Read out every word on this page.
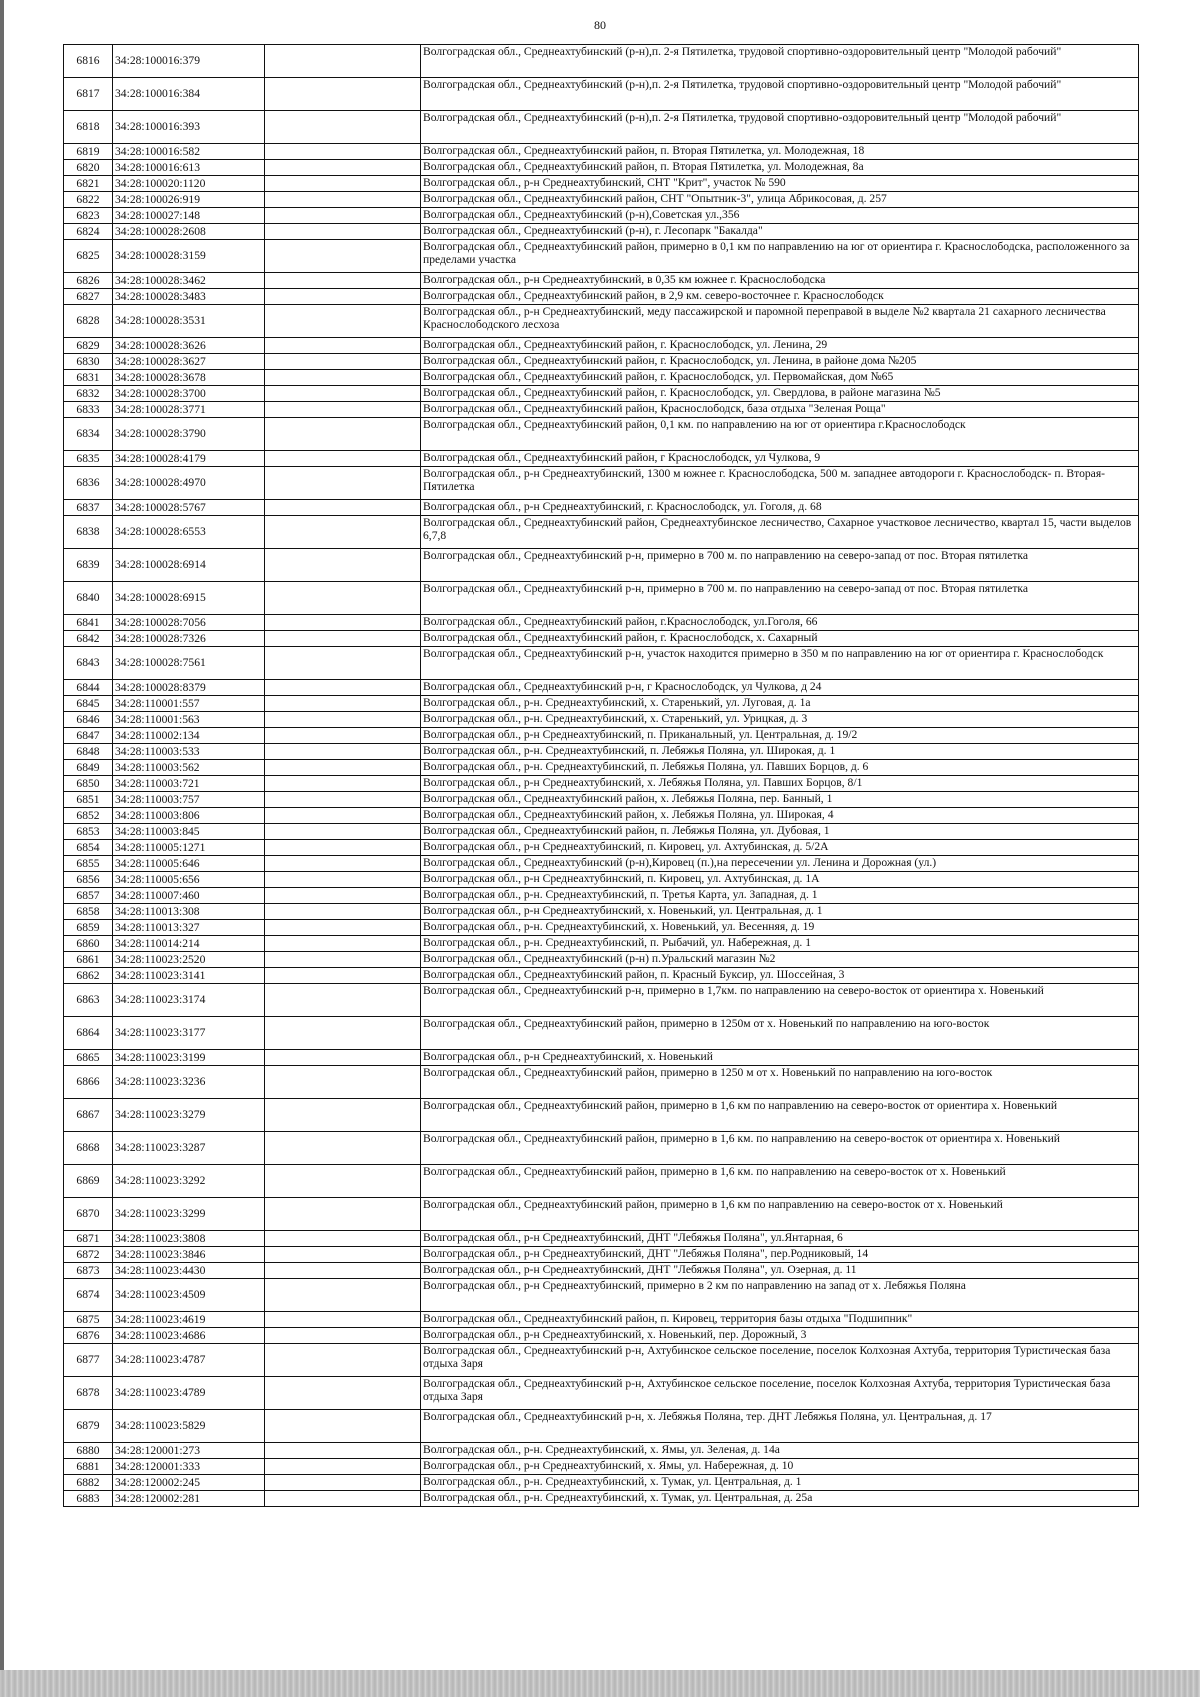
80
6816	34:28:100016:379		Волгоградская обл., Среднеахтубинский (р-н),п. 2-я Пятилетка, трудовой спортивно-оздоровительный центр "Молодой рабочий"
6817	34:28:100016:384		Волгоградская обл., Среднеахтубинский (р-н),п. 2-я Пятилетка, трудовой спортивно-оздоровительный центр "Молодой рабочий"
6818	34:28:100016:393		Волгоградская обл., Среднеахтубинский (р-н),п. 2-я Пятилетка, трудовой спортивно-оздоровительный центр "Молодой рабочий"
6819	34:28:100016:582		Волгоградская обл., Среднеахтубинский район, п. Вторая Пятилетка, ул. Молодежная, 18
6820	34:28:100016:613		Волгоградская обл., Среднеахтубинский район, п. Вторая Пятилетка, ул. Молодежная, 8а
6821	34:28:100020:1120		Волгоградская обл., р-н Среднеахтубинский, СНТ "Крит", участок № 590
6822	34:28:100026:919		Волгоградская обл., Среднеахтубинский район, СНТ "Опытник-3", улица Абрикосовая, д. 257
6823	34:28:100027:148		Волгоградская обл., Среднеахтубинский (р-н),Советская ул.,356
6824	34:28:100028:2608		Волгоградская обл., Среднеахтубинский (р-н), г. Лесопарк "Бакалда"
6825	34:28:100028:3159		Волгоградская обл., Среднеахтубинский район, примерно в 0,1 км по направлению на юг от ориентира г. Краснослободска, расположенного за пределами участка
6826	34:28:100028:3462		Волгоградская обл., р-н Среднеахтубинский, в 0,35 км южнее г. Краснослободска
6827	34:28:100028:3483		Волгоградская обл., Среднеахтубинский район, в 2,9 км. северо-восточнее г. Краснослободск
6828	34:28:100028:3531		Волгоградская обл., р-н Среднеахтубинский, меду пассажирской и паромной переправой в выделе №2 квартала 21 сахарного лесничества Краснослободского лесхоза
6829	34:28:100028:3626		Волгоградская обл., Среднеахтубинский район, г. Краснослободск, ул. Ленина, 29
6830	34:28:100028:3627		Волгоградская обл., Среднеахтубинский район, г. Краснослободск, ул. Ленина, в районе дома №205
6831	34:28:100028:3678		Волгоградская обл., Среднеахтубинский район, г. Краснослободск, ул. Первомайская, дом №65
6832	34:28:100028:3700		Волгоградская обл., Среднеахтубинский район, г. Краснослободск, ул. Свердлова, в районе магазина №5
6833	34:28:100028:3771		Волгоградская обл., Среднеахтубинский район, Краснослободск, база отдыха "Зеленая Роща"
6834	34:28:100028:3790		Волгоградская обл., Среднеахтубинский район, 0,1 км. по направлению на юг от ориентира г.Краснослободск
6835	34:28:100028:4179		Волгоградская обл., Среднеахтубинский район, г Краснослободск, ул Чулкова, 9
6836	34:28:100028:4970		Волгоградская обл., р-н Среднеахтубинский, 1300 м южнее г. Краснослободска, 500 м. западнее автодороги г. Краснослободск- п. Вторая-Пятилетка
6837	34:28:100028:5767		Волгоградская обл., р-н Среднеахтубинский, г. Краснослободск, ул. Гоголя, д. 68
6838	34:28:100028:6553		Волгоградская обл., Среднеахтубинский район, Среднеахтубинское лесничество, Сахарное участковое лесничество, квартал 15, части выделов 6,7,8
6839	34:28:100028:6914		Волгоградская обл., Среднеахтубинский р-н, примерно в 700 м. по направлению на северо-запад от пос. Вторая пятилетка
6840	34:28:100028:6915		Волгоградская обл., Среднеахтубинский р-н, примерно в 700 м. по направлению на северо-запад от пос. Вторая пятилетка
6841	34:28:100028:7056		Волгоградская обл., Среднеахтубинский район, г.Краснослободск, ул.Гоголя, 66
6842	34:28:100028:7326		Волгоградская обл., Среднеахтубинский район, г. Краснослободск, х. Сахарный
6843	34:28:100028:7561		Волгоградская обл., Среднеахтубинский р-н, участок находится примерно в 350 м по направлению на юг от ориентира г. Краснослободск
6844	34:28:100028:8379		Волгоградская обл., Среднеахтубинский р-н, г Краснослободск, ул Чулкова, д 24
6845	34:28:110001:557		Волгоградская обл., р-н. Среднеахтубинский, х. Старенький, ул. Луговая, д. 1а
6846	34:28:110001:563		Волгоградская обл., р-н. Среднеахтубинский, х. Старенький, ул. Урицкая, д. 3
6847	34:28:110002:134		Волгоградская обл., р-н Среднеахтубинский, п. Приканальный, ул. Центральная, д. 19/2
6848	34:28:110003:533		Волгоградская обл., р-н. Среднеахтубинский, п. Лебяжья Поляна, ул. Широкая, д. 1
6849	34:28:110003:562		Волгоградская обл., р-н. Среднеахтубинский, п. Лебяжья Поляна, ул. Павших Борцов, д. 6
6850	34:28:110003:721		Волгоградская обл., р-н Среднеахтубинский, х. Лебяжья Поляна, ул. Павших Борцов, 8/1
6851	34:28:110003:757		Волгоградская обл., Среднеахтубинский район, х. Лебяжья Поляна, пер. Банный, 1
6852	34:28:110003:806		Волгоградская обл., Среднеахтубинский район, х. Лебяжья Поляна, ул. Широкая, 4
6853	34:28:110003:845		Волгоградская обл., Среднеахтубинский район, п. Лебяжья Поляна, ул. Дубовая, 1
6854	34:28:110005:1271		Волгоградская обл., р-н Среднеахтубинский, п. Кировец, ул. Ахтубинская, д. 5/2А
6855	34:28:110005:646		Волгоградская обл., Среднеахтубинский (р-н),Кировец (п.),на пересечении ул. Ленина и Дорожная (ул.)
6856	34:28:110005:656		Волгоградская обл., р-н Среднеахтубинский, п. Кировец, ул. Ахтубинская, д. 1А
6857	34:28:110007:460		Волгоградская обл., р-н. Среднеахтубинский, п. Третья Карта, ул. Западная, д. 1
6858	34:28:110013:308		Волгоградская обл., р-н Среднеахтубинский, х. Новенький, ул. Центральная, д. 1
6859	34:28:110013:327		Волгоградская обл., р-н. Среднеахтубинский, х. Новенький, ул. Весенняя, д. 19
6860	34:28:110014:214		Волгоградская обл., р-н. Среднеахтубинский, п. Рыбачий, ул. Набережная, д. 1
6861	34:28:110023:2520		Волгоградская обл., Среднеахтубинский (р-н) п.Уральский магазин №2
6862	34:28:110023:3141		Волгоградская обл., Среднеахтубинский район, п. Красный Буксир, ул. Шоссейная, 3
6863	34:28:110023:3174		Волгоградская обл., Среднеахтубинский р-н, примерно в 1,7км. по направлению на северо-восток от ориентира х. Новенький
6864	34:28:110023:3177		Волгоградская обл., Среднеахтубинский район, примерно в 1250м от х. Новенький по направлению на юго-восток
6865	34:28:110023:3199		Волгоградская обл., р-н Среднеахтубинский, х. Новенький
6866	34:28:110023:3236		Волгоградская обл., Среднеахтубинский район, примерно в 1250 м от х. Новенький по направлению на юго-восток
6867	34:28:110023:3279		Волгоградская обл., Среднеахтубинский район, примерно в 1,6 км по направлению на северо-восток от ориентира х. Новенький
6868	34:28:110023:3287		Волгоградская обл., Среднеахтубинский район, примерно в 1,6 км. по направлению на северо-восток от ориентира х. Новенький
6869	34:28:110023:3292		Волгоградская обл., Среднеахтубинский район, примерно в 1,6 км. по направлению на северо-восток от х. Новенький
6870	34:28:110023:3299		Волгоградская обл., Среднеахтубинский район, примерно в 1,6 км по направлению на северо-восток от х. Новенький
6871	34:28:110023:3808		Волгоградская обл., р-н Среднеахтубинский, ДНТ "Лебяжья Поляна", ул.Янтарная, 6
6872	34:28:110023:3846		Волгоградская обл., р-н Среднеахтубинский, ДНТ "Лебяжья Поляна", пер.Родниковый, 14
6873	34:28:110023:4430		Волгоградская обл., р-н Среднеахтубинский, ДНТ "Лебяжья Поляна", ул. Озерная, д. 11
6874	34:28:110023:4509		Волгоградская обл., р-н Среднеахтубинский, примерно в 2 км по направлению на запад от х. Лебяжья Поляна
6875	34:28:110023:4619		Волгоградская обл., Среднеахтубинский район, п. Кировец, территория базы отдыха "Подшипник"
6876	34:28:110023:4686		Волгоградская обл., р-н Среднеахтубинский, х. Новенький, пер. Дорожный, 3
6877	34:28:110023:4787		Волгоградская обл., Среднеахтубинский р-н, Ахтубинское сельское поселение, поселок Колхозная Ахтуба, территория Туристическая база отдыха Заря
6878	34:28:110023:4789		Волгоградская обл., Среднеахтубинский р-н, Ахтубинское сельское поселение, поселок Колхозная Ахтуба, территория Туристическая база отдыха Заря
6879	34:28:110023:5829		Волгоградская обл., Среднеахтубинский р-н, х. Лебяжья Поляна, тер. ДНТ Лебяжья Поляна, ул. Центральная, д. 17
6880	34:28:120001:273		Волгоградская обл., р-н. Среднеахтубинский, х. Ямы, ул. Зеленая, д. 14а
6881	34:28:120001:333		Волгоградская обл., р-н Среднеахтубинский, х. Ямы, ул. Набережная, д. 10
6882	34:28:120002:245		Волгоградская обл., р-н. Среднеахтубинский, х. Тумак, ул. Центральная, д. 1
6883	34:28:120002:281		Волгоградская обл., р-н. Среднеахтубинский, х. Тумак, ул. Центральная, д. 25а
